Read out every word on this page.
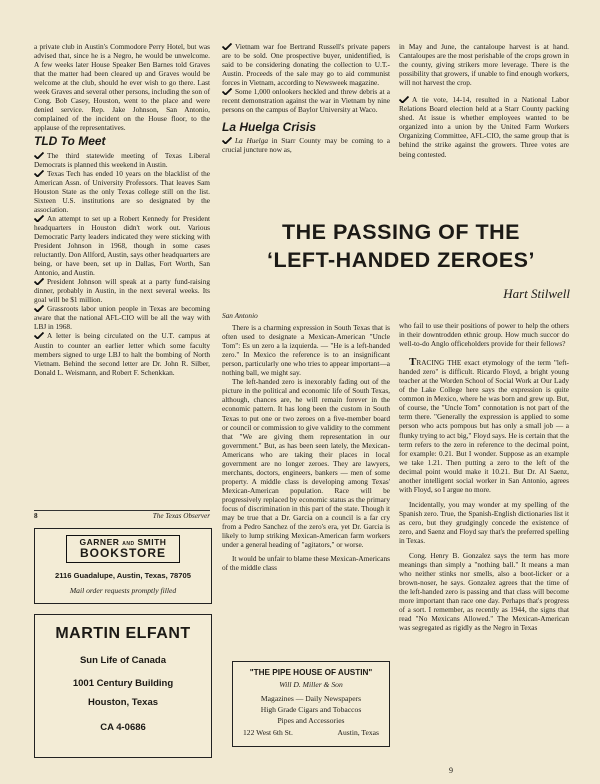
a private club in Austin's Commodore Perry Hotel, but was advised that, since he is a Negro, he would be unwelcome. A few weeks later House Speaker Ben Barnes told Graves that the matter had been cleared up and Graves would be welcome at the club, should he ever wish to go there. Last week Graves and several other persons, including the son of Cong. Bob Casey, Houston, went to the place and were denied service. Rep. Jake Johnson, San Antonio, complained of the incident on the House floor, to the applause of the representatives.

TLD To Meet

The third statewide meeting of Texas Liberal Democrats is planned this weekend in Austin.

Texas Tech has ended 10 years on the blacklist of the American Assn. of University Professors. That leaves Sam Houston State as the only Texas college still on the list. Sixteen U.S. institutions are so designated by the association.

An attempt to set up a Robert Kennedy for President headquarters in Houston didn't work out. Various Democratic Party leaders indicated they were sticking with President Johnson in 1968, though in some cases reluctantly. Don Allford, Austin, says other headquarters are being, or have been, set up in Dallas, Fort Worth, San Antonio, and Austin.

President Johnson will speak at a party fund-raising dinner, probably in Austin, in the next several weeks. Its goal will be $1 million.

Grassroots labor union people in Texas are becoming aware that the national AFL-CIO will be all the way with LBJ in 1968.

A letter is being circulated on the U.T. campus at Austin to counter an earlier letter which some faculty members signed to urge LBJ to halt the bombing of North Vietnam. Behind the second letter are Dr. John R. Silber, Donald L. Weismann, and Robert F. Schenkkan.

8	The Texas Observer

Vietnam war foe Bertrand Russell's private papers are to be sold. One prospective buyer, unidentified, is said to be considering donating the collection to U.T.-Austin. Proceeds of the sale may go to aid communist forces in Vietnam, according to Newsweek magazine.

Some 1,000 onlookers heckled and threw debris at a recent demonstration against the war in Vietnam by nine persons on the campus of Baylor University at Waco.

La Huelga Crisis

La Huelga in Starr County may be coming to a crucial juncture now as,

in May and June, the cantaloupe harvest is at hand. Cantaloupes are the most perishable of the crops grown in the county, giving strikers more leverage. There is the possibility that growers, if unable to find enough workers, will not harvest the crop.

A tie vote, 14-14, resulted in a National Labor Relations Board election held at a Starr County packing shed. At issue is whether employees wanted to be organized into a union by the United Farm Workers Organizing Committee, AFL-CIO, the same group that is behind the strike against the growers. Three votes are being contested.

THE PASSING OF THE
‘LEFT-HANDED ZEROES’
Hart Stilwell

San Antonio

There is a charming expression in South Texas that is often used to designate a Mexican-American "Uncle Tom": Es un zero a la izquierda. — "He is a left-handed zero." In Mexico the reference is to an insignificant person, particularly one who tries to appear important—a nothing ball, we might say.

The left-handed zero is inexorably fading out of the picture in the political and economic life of South Texas, although, chances are, he will remain forever in the economic pattern. It has long been the custom in South Texas to put one or two zeroes on a five-member board or council or commission to give validity to the comment that "We are giving them representation in our government." But, as has been seen lately, the Mexican-Americans who are taking their places in local government are no longer zeroes. They are lawyers, merchants, doctors, engineers, bankers — men of some property. A middle class is developing among Texas' Mexican-American population. Race will be progressively replaced by economic status as the primary focus of discrimination in this part of the state. Though it may be true that a Dr. Garcia on a council is a far cry from a Pedro Sanchez of the zero's era, yet Dr. Garcia is likely to lump striking Mexican-American farm workers under a general heading of "agitators," or worse.

It would be unfair to blame these Mexican-Americans of the middle class

who fail to use their positions of power to help the others in their downtrodden ethnic group. How much succor do well-to-do Anglo officeholders provide for their fellows?

TRACING THE exact etymology of the term "left-handed zero" is difficult. Ricardo Floyd, a bright young teacher at the Worden School of Social Work at Our Lady of the Lake College here says the expression is quite common in Mexico, where he was born and grew up. But, of course, the "Uncle Tom" connotation is not part of the term there. "Generally the expression is applied to some person who acts pompous but has only a small job — a flunky trying to act big," Floyd says. He is certain that the term refers to the zero in reference to the decimal point, for example: 0.21. But I wonder. Suppose as an example we take 1.21. Then putting a zero to the left of the decimal point would make it 10.21. But Dr. Al Saenz, another intelligent social worker in San Antonio, agrees with Floyd, so I argue no more.

Incidentally, you may wonder at my spelling of the Spanish zero. True, the Spanish-English dictionaries list it as cero, but they grudgingly concede the existence of zero, and Saenz and Floyd say that's the preferred spelling in Texas.

Cong. Henry B. Gonzalez says the term has more meanings than simply a "nothing ball." It means a man who neither stinks nor smells, also a boot-licker or a brown-noser, he says. Gonzalez agrees that the time of the left-handed zero is passing and that class will become more important than race one day. Perhaps that's progress of a sort. I remember, as recently as 1944, the signs that read "No Mexicans Allowed." The Mexican-American was segregated as rigidly as the Negro in Texas

GARNER AND SMITH
BOOKSTORE
2116 Guadalupe, Austin, Texas, 78705
Mail order requests promptly filled
MARTIN ELFANT
Sun Life of Canada
1001 Century Building
Houston, Texas
CA 4-0686
"THE PIPE HOUSE OF AUSTIN"
Will D. Miller & Son
Magazines — Daily Newspapers
High Grade Cigars and Tobaccos
Pipes and Accessories
122 West 6th St.	Austin, Texas
9
